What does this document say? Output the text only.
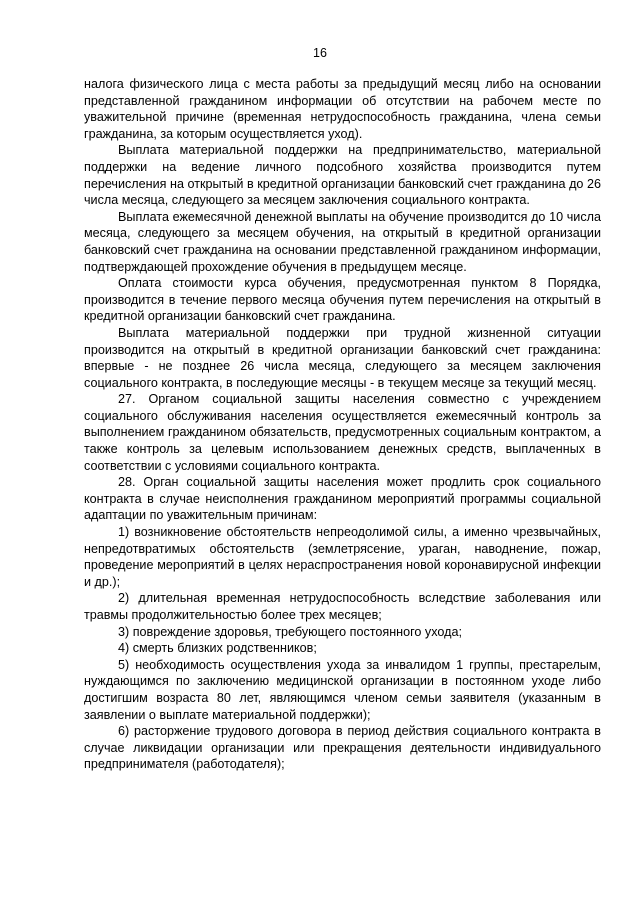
16

налога физического лица с места работы за предыдущий месяц либо на основании представленной гражданином информации об отсутствии на рабочем месте по уважительной причине (временная нетрудоспособность гражданина, члена семьи гражданина, за которым осуществляется уход).

Выплата материальной поддержки на предпринимательство, материальной поддержки на ведение личного подсобного хозяйства производится путем перечисления на открытый в кредитной организации банковский счет гражданина до 26 числа месяца, следующего за месяцем заключения социального контракта.

Выплата ежемесячной денежной выплаты на обучение производится до 10 числа месяца, следующего за месяцем обучения, на открытый в кредитной организации банковский счет гражданина на основании представленной гражданином информации, подтверждающей прохождение обучения в предыдущем месяце.

Оплата стоимости курса обучения, предусмотренная пунктом 8 Порядка, производится в течение первого месяца обучения путем перечисления на открытый в кредитной организации банковский счет гражданина.

Выплата материальной поддержки при трудной жизненной ситуации производится на открытый в кредитной организации банковский счет гражданина: впервые - не позднее 26 числа месяца, следующего за месяцем заключения социального контракта, в последующие месяцы - в текущем месяце за текущий месяц.

27. Органом социальной защиты населения совместно с учреждением социального обслуживания населения осуществляется ежемесячный контроль за выполнением гражданином обязательств, предусмотренных социальным контрактом, а также контроль за целевым использованием денежных средств, выплаченных в соответствии с условиями социального контракта.

28. Орган социальной защиты населения может продлить срок социального контракта в случае неисполнения гражданином мероприятий программы социальной адаптации по уважительным причинам:

1) возникновение обстоятельств непреодолимой силы, а именно чрезвычайных, непредотвратимых обстоятельств (землетрясение, ураган, наводнение, пожар, проведение мероприятий в целях нераспространения новой коронавирусной инфекции и др.);

2) длительная временная нетрудоспособность вследствие заболевания или травмы продолжительностью более трех месяцев;

3) повреждение здоровья, требующего постоянного ухода;

4) смерть близких родственников;

5) необходимость осуществления ухода за инвалидом 1 группы, престарелым, нуждающимся по заключению медицинской организации в постоянном уходе либо достигшим возраста 80 лет, являющимся членом семьи заявителя (указанным в заявлении о выплате материальной поддержки);

6) расторжение трудового договора в период действия социального контракта в случае ликвидации организации или прекращения деятельности индивидуального предпринимателя (работодателя);
